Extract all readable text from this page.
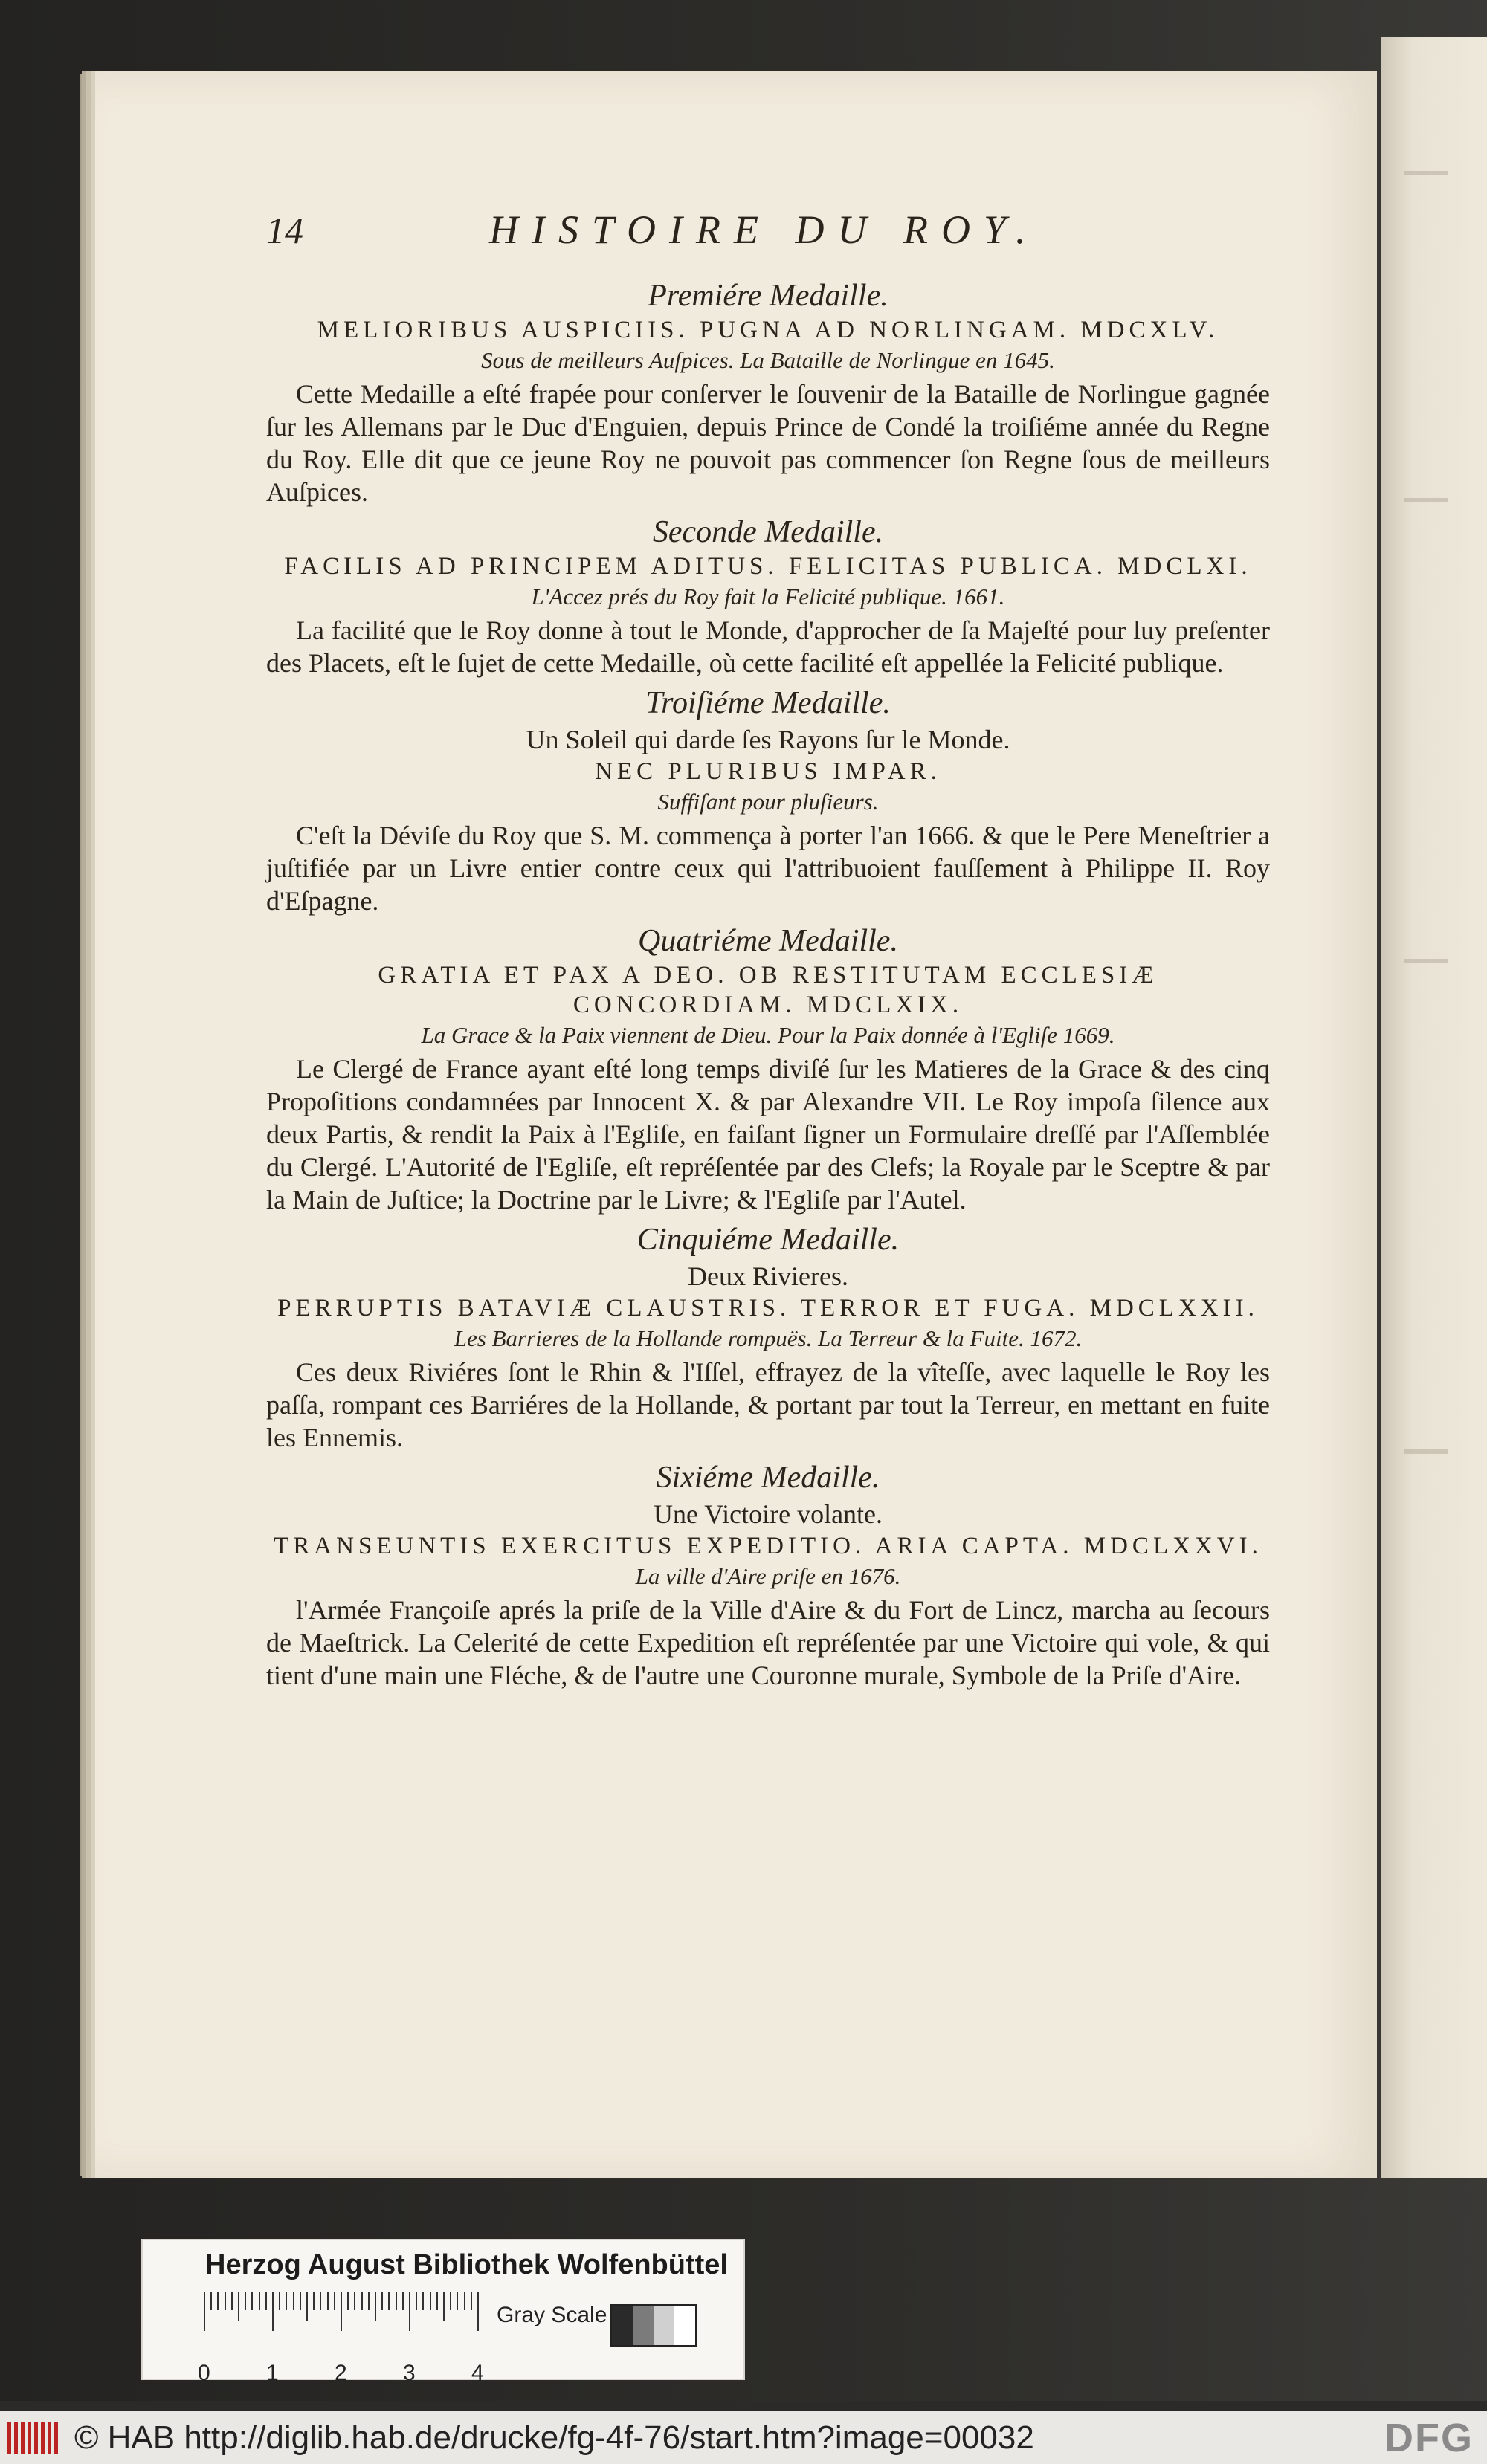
14	HISTOIRE DU ROY.
Premiére Medaille.
MELIORIBUS AUSPICIIS. PUGNA AD NORLINGAM. MDCXLV.
Sous de meilleurs Auſpices. La Bataille de Norlingue en 1645.
Cette Medaille a eſté frapée pour conſerver le ſouvenir de la Bataille de Norlingue gagnée ſur les Allemans par le Duc d'Enguien, depuis Prince de Condé la troiſiéme année du Regne du Roy. Elle dit que ce jeune Roy ne pouvoit pas commencer ſon Regne ſous de meilleurs Auſpices.
Seconde Medaille.
FACILIS AD PRINCIPEM ADITUS. FELICITAS PUBLICA. MDCLXI.
L'Accez prés du Roy fait la Felicité publique. 1661.
La facilité que le Roy donne à tout le Monde, d'approcher de ſa Majeſté pour luy preſenter des Placets, eſt le ſujet de cette Medaille, où cette facilité eſt appellée la Felicité publique.
Troiſiéme Medaille.
Un Soleil qui darde ſes Rayons ſur le Monde.
NEC PLURIBUS IMPAR.
Suffiſant pour pluſieurs.
C'eſt la Déviſe du Roy que S. M. commença à porter l'an 1666. & que le Pere Meneſtrier a juſtifiée par un Livre entier contre ceux qui l'attribuoient fauſſement à Philippe II. Roy d'Eſpagne.
Quatriéme Medaille.
GRATIA ET PAX A DEO. OB RESTITUTAM ECCLESIÆ CONCORDIAM. MDCLXIX.
La Grace & la Paix viennent de Dieu. Pour la Paix donnée à l'Egliſe 1669.
Le Clergé de France ayant eſté long temps diviſé ſur les Matieres de la Grace & des cinq Propoſitions condamnées par Innocent X. & par Alexandre VII. Le Roy impoſa ſilence aux deux Partis, & rendit la Paix à l'Egliſe, en faiſant ſigner un Formulaire dreſſé par l'Aſſemblée du Clergé. L'Autorité de l'Egliſe, eſt repréſentée par des Clefs; la Royale par le Sceptre & par la Main de Juſtice; la Doctrine par le Livre; & l'Egliſe par l'Autel.
Cinquiéme Medaille.
Deux Rivieres.
PERRUPTIS BATAVIÆ CLAUSTRIS. TERROR ET FUGA. MDCLXXII.
Les Barrieres de la Hollande rompuës. La Terreur & la Fuite. 1672.
Ces deux Riviéres ſont le Rhin & l'Iſſel, effrayez de la vîteſſe, avec laquelle le Roy les paſſa, rompant ces Barriéres de la Hollande, & portant par tout la Terreur, en mettant en fuite les Ennemis.
Sixiéme Medaille.
Une Victoire volante.
TRANSEUNTIS EXERCITUS EXPEDITIO. ARIA CAPTA. MDCLXXVI.
La ville d'Aire priſe en 1676.
l'Armée Françoiſe aprés la priſe de la Ville d'Aire & du Fort de Lincz, marcha au ſecours de Maeſtrick. La Celerité de cette Expedition eſt repréſentée par une Victoire qui vole, & qui tient d'une main une Fléche, & de l'autre une Couronne murale, Symbole de la Priſe d'Aire.
Herzog August Bibliothek Wolfenbüttel
0	1	2	3	4
Gray Scale
© HAB http://diglib.hab.de/drucke/fg-4f-76/start.htm?image=00032	DFG
